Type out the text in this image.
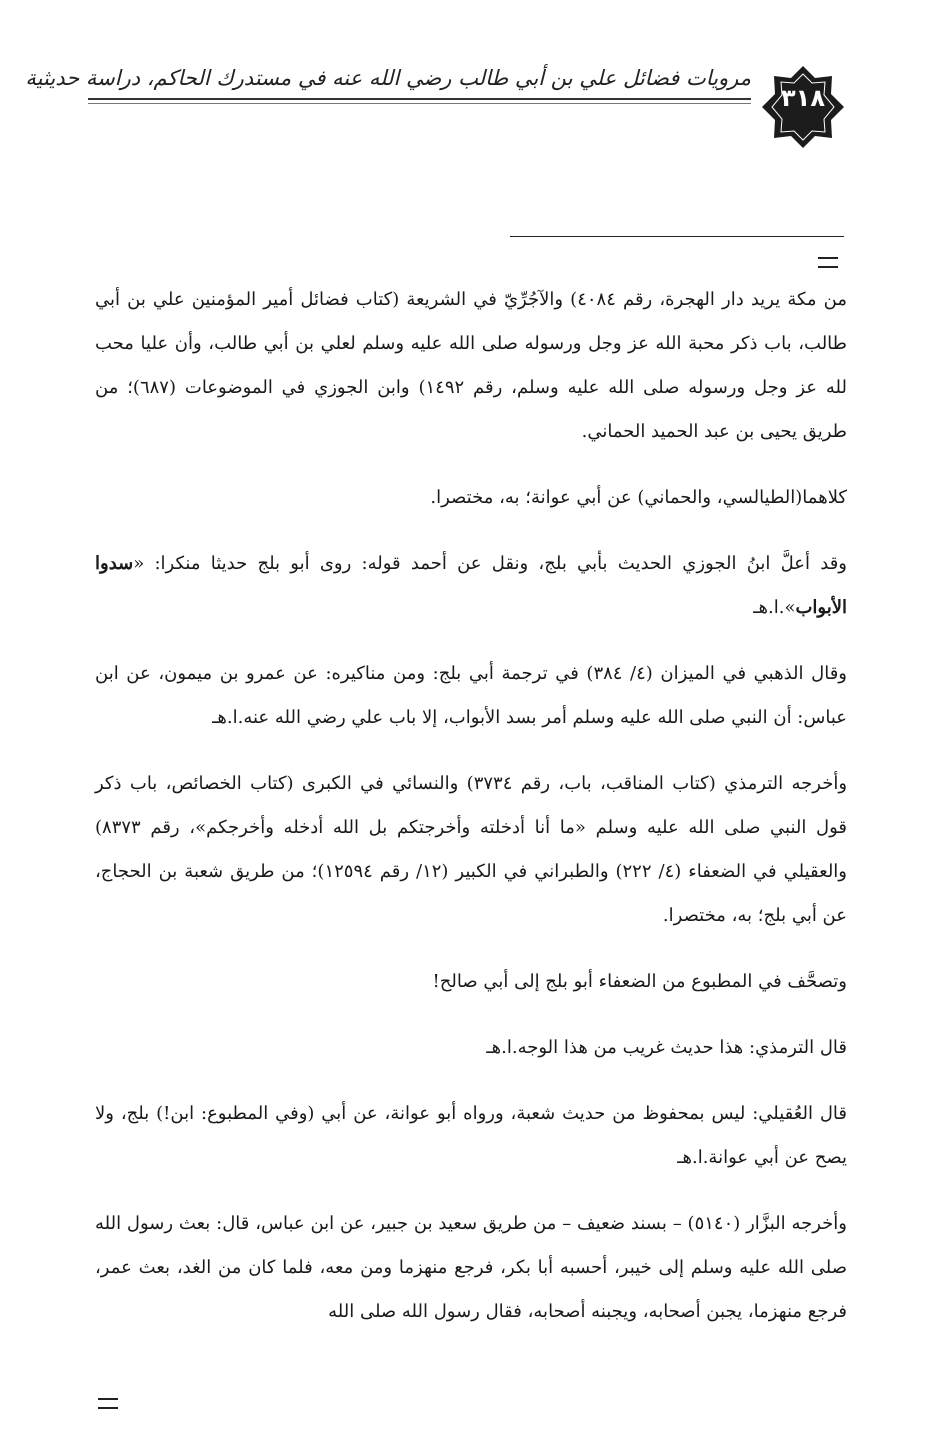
مرويات فضائل علي بن أبي طالب رضي الله عنه في مستدرك الحاكم، دراسة حديثية
٣١٨

من مكة يريد دار الهجرة، رقم ٤٠٨٤) والآجُرِّيّ في الشريعة (كتاب فضائل أمير المؤمنين علي بن أبي طالب، باب ذكر محبة الله عز وجل ورسوله صلى الله عليه وسلم لعلي بن أبي طالب، وأن عليا محب لله عز وجل ورسوله صلى الله عليه وسلم، رقم ١٤٩٢) وابن الجوزي في الموضوعات (٦٨٧)؛ من طريق يحيى بن عبد الحميد الحماني.

كلاهما(الطيالسي، والحماني) عن أبي عوانة؛ به، مختصرا.

وقد أعلَّ ابنُ الجوزي الحديث بأبي بلج، ونقل عن أحمد قوله: روى أبو بلج حديثا منكرا: «سدوا الأبواب».ا.هـ

وقال الذهبي في الميزان (٤/ ٣٨٤) في ترجمة أبي بلج: ومن مناكيره: عن عمرو بن ميمون، عن ابن عباس: أن النبي صلى الله عليه وسلم أمر بسد الأبواب، إلا باب علي رضي الله عنه.ا.هـ

وأخرجه الترمذي (كتاب المناقب، باب، رقم ٣٧٣٤) والنسائي في الكبرى (كتاب الخصائص، باب ذكر قول النبي صلى الله عليه وسلم «ما أنا أدخلته وأخرجتكم بل الله أدخله وأخرجكم»، رقم ٨٣٧٣) والعقيلي في الضعفاء (٤/ ٢٢٢) والطبراني في الكبير (١٢/ رقم ١٢٥٩٤)؛ من طريق شعبة بن الحجاج، عن أبي بلج؛ به، مختصرا.

وتصحَّف في المطبوع من الضعفاء أبو بلج إلى أبي صالح!

قال الترمذي: هذا حديث غريب من هذا الوجه.ا.هـ

قال العُقيلي: ليس بمحفوظ من حديث شعبة، ورواه أبو عوانة، عن أبي (وفي المطبوع: ابن!) بلج، ولا يصح عن أبي عوانة.ا.هـ

وأخرجه البزَّار (٥١٤٠) – بسند ضعيف – من طريق سعيد بن جبير، عن ابن عباس، قال: بعث رسول الله صلى الله عليه وسلم إلى خيبر، أحسبه أبا بكر، فرجع منهزما ومن معه، فلما كان من الغد، بعث عمر، فرجع منهزما، يجبن أصحابه، ويجبنه أصحابه، فقال رسول الله صلى الله
